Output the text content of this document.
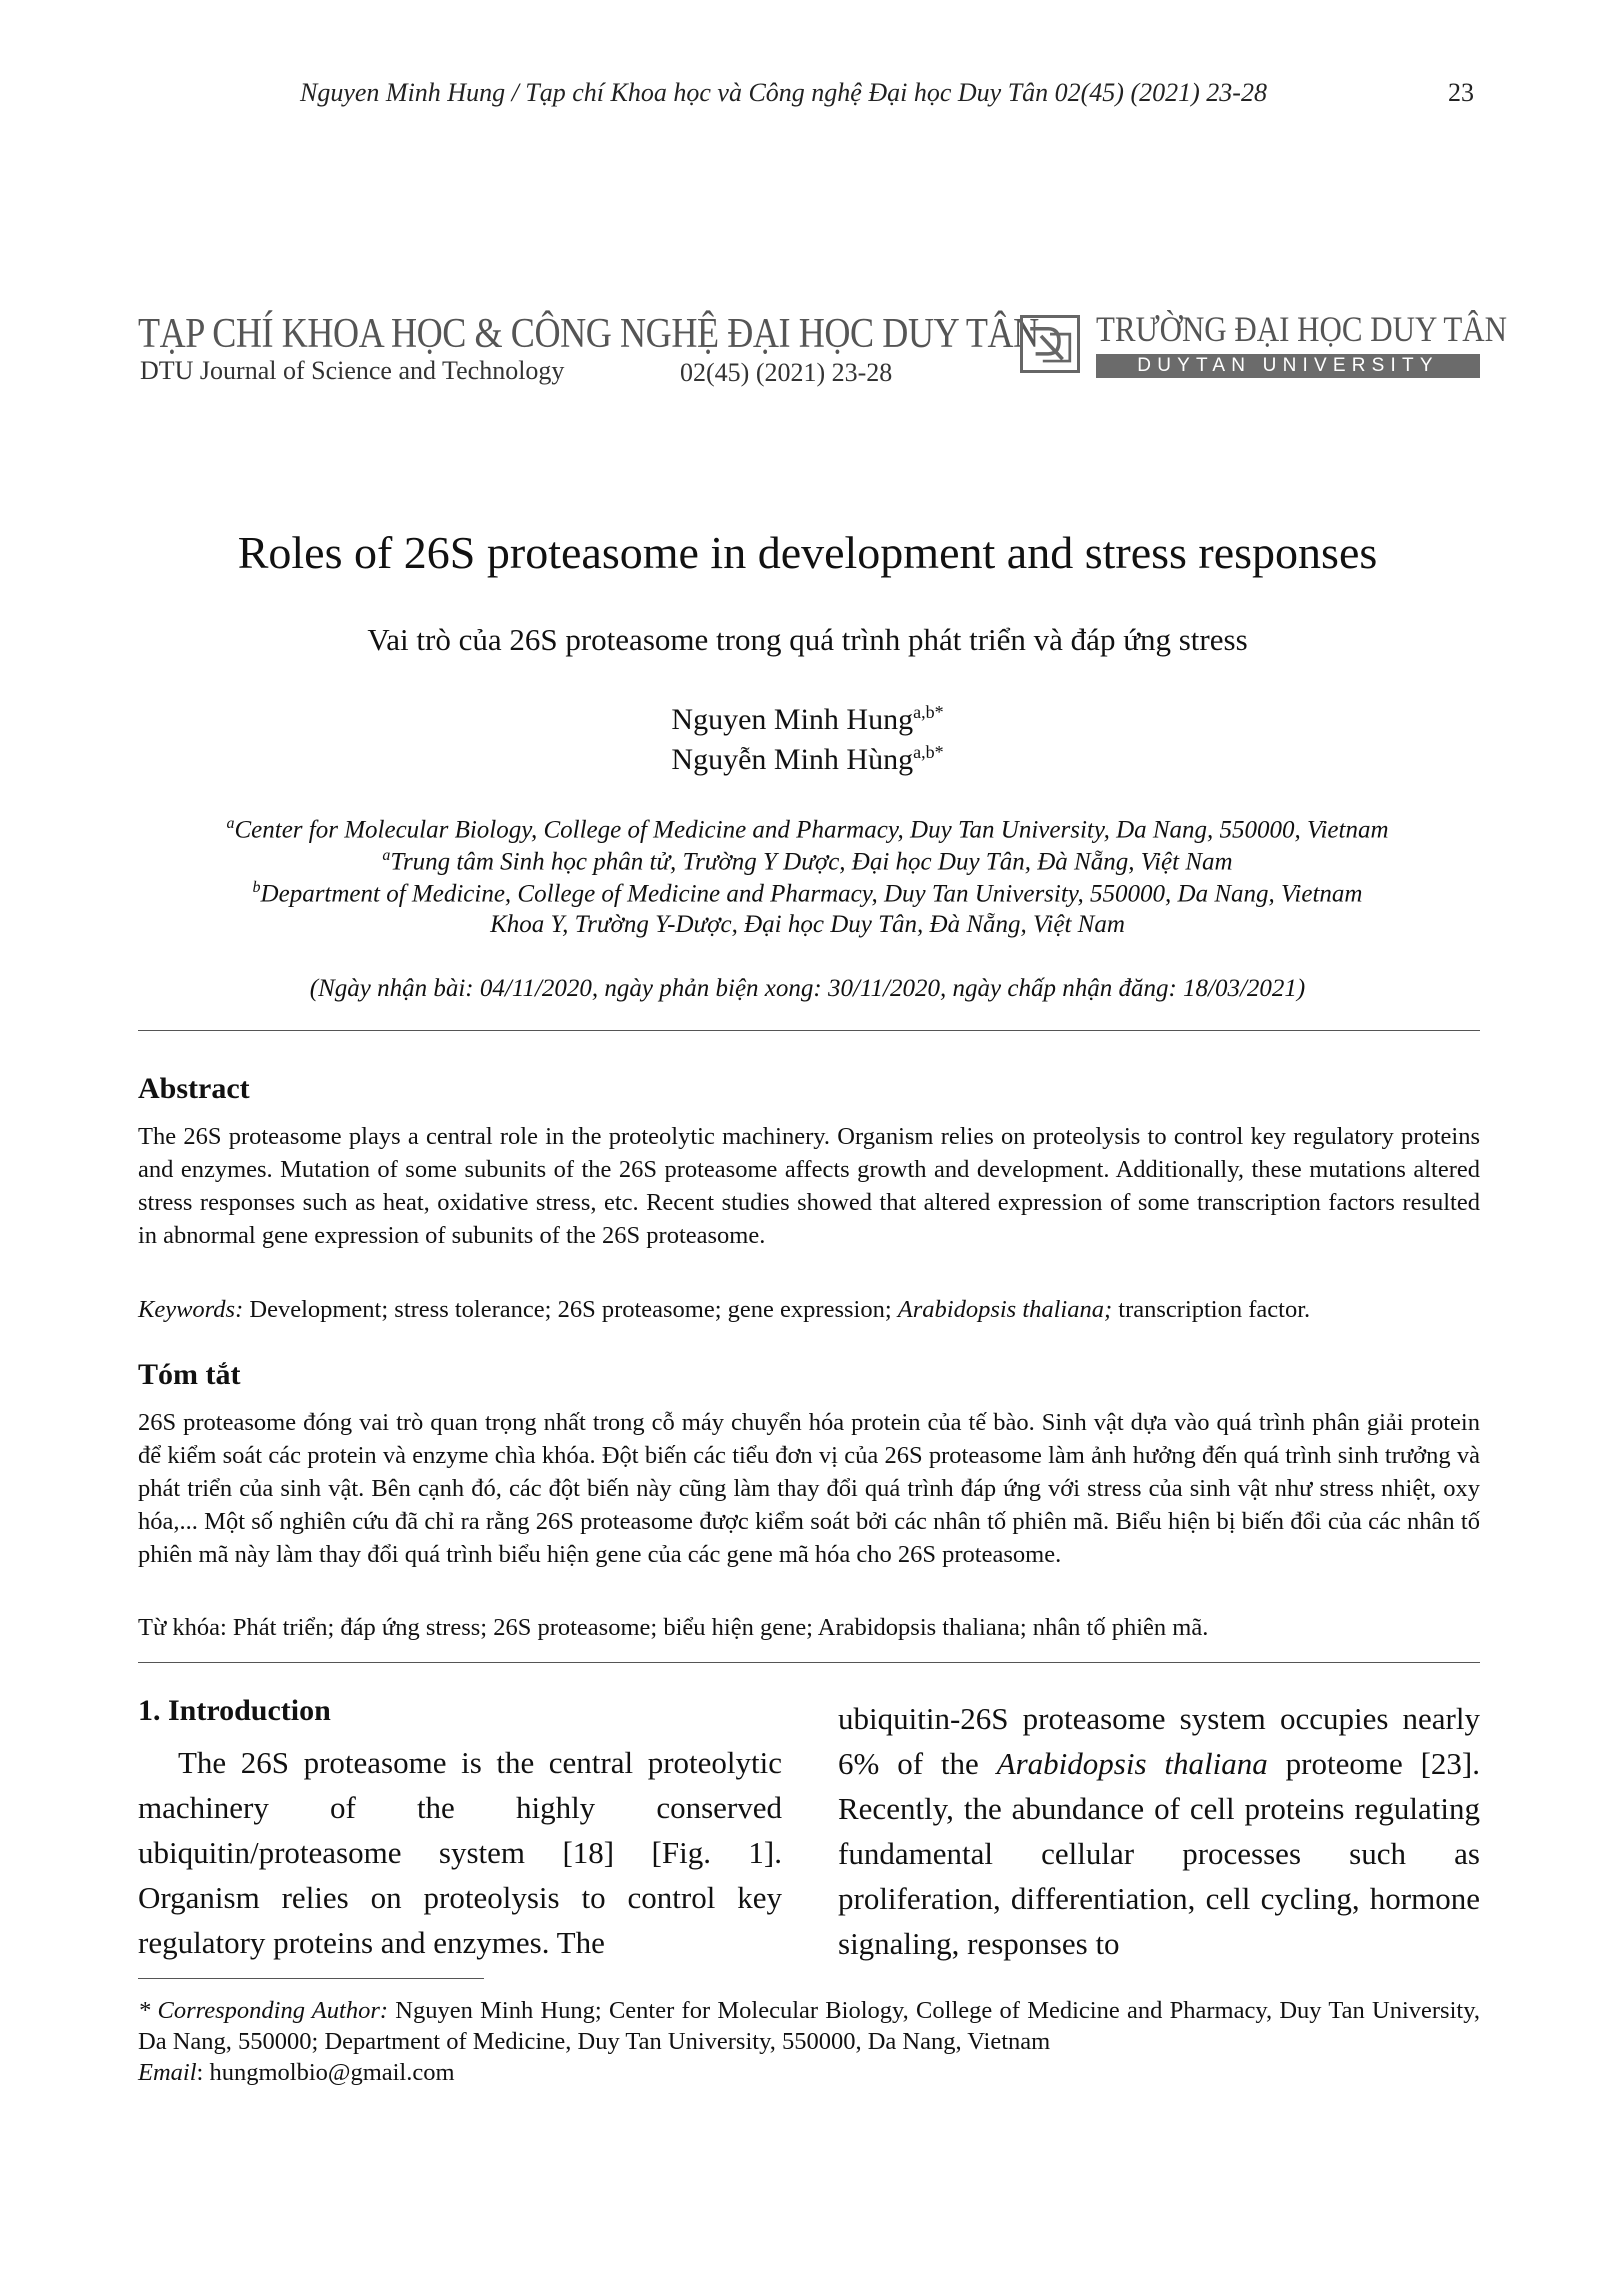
Nguyen Minh Hung / Tạp chí Khoa học và Công nghệ Đại học Duy Tân 02(45) (2021) 23-28	23
TẠP CHÍ KHOA HỌC & CÔNG NGHỆ ĐẠI HỌC DUY TÂN
DTU Journal of Science and Technology	02(45) (2021) 23-28
TRƯỜNG ĐẠI HỌC DUY TÂN
DUYTAN UNIVERSITY
Roles of 26S proteasome in development and stress responses
Vai trò của 26S proteasome trong quá trình phát triển và đáp ứng stress
Nguyen Minh Hung$^{a,b*}$
Nguyễn Minh Hùng$^{a,b*}$
$^a$Center for Molecular Biology, College of Medicine and Pharmacy, Duy Tan University, Da Nang, 550000, Vietnam
$^a$Trung tâm Sinh học phân tử, Trường Y Dược, Đại học Duy Tân, Đà Nẵng, Việt Nam
$^b$Department of Medicine, College of Medicine and Pharmacy, Duy Tan University, 550000, Da Nang, Vietnam
Khoa Y, Trường Y-Dược, Đại học Duy Tân, Đà Nẵng, Việt Nam
(Ngày nhận bài: 04/11/2020, ngày phản biện xong: 30/11/2020, ngày chấp nhận đăng: 18/03/2021)
Abstract
The 26S proteasome plays a central role in the proteolytic machinery. Organism relies on proteolysis to control key regulatory proteins and enzymes. Mutation of some subunits of the 26S proteasome affects growth and development. Additionally, these mutations altered stress responses such as heat, oxidative stress, etc. Recent studies showed that altered expression of some transcription factors resulted in abnormal gene expression of subunits of the 26S proteasome.
Keywords: Development; stress tolerance; 26S proteasome; gene expression; Arabidopsis thaliana; transcription factor.
Tóm tắt
26S proteasome đóng vai trò quan trọng nhất trong cỗ máy chuyển hóa protein của tế bào. Sinh vật dựa vào quá trình phân giải protein để kiểm soát các protein và enzyme chìa khóa. Đột biến các tiểu đơn vị của 26S proteasome làm ảnh hưởng đến quá trình sinh trưởng và phát triển của sinh vật. Bên cạnh đó, các đột biến này cũng làm thay đổi quá trình đáp ứng với stress của sinh vật như stress nhiệt, oxy hóa,... Một số nghiên cứu đã chỉ ra rằng 26S proteasome được kiểm soát bởi các nhân tố phiên mã. Biểu hiện bị biến đổi của các nhân tố phiên mã này làm thay đổi quá trình biểu hiện gene của các gene mã hóa cho 26S proteasome.
Từ khóa: Phát triển; đáp ứng stress; 26S proteasome; biểu hiện gene; Arabidopsis thaliana; nhân tố phiên mã.
1. Introduction
The 26S proteasome is the central proteolytic machinery of the highly conserved ubiquitin/proteasome system [18] [Fig. 1]. Organism relies on proteolysis to control key regulatory proteins and enzymes. The
ubiquitin-26S proteasome system occupies nearly 6% of the Arabidopsis thaliana proteome [23]. Recently, the abundance of cell proteins regulating fundamental cellular processes such as proliferation, differentiation, cell cycling, hormone signaling, responses to
* Corresponding Author: Nguyen Minh Hung; Center for Molecular Biology, College of Medicine and Pharmacy, Duy Tan University, Da Nang, 550000; Department of Medicine, Duy Tan University, 550000, Da Nang, Vietnam
Email: hungmolbio@gmail.com
